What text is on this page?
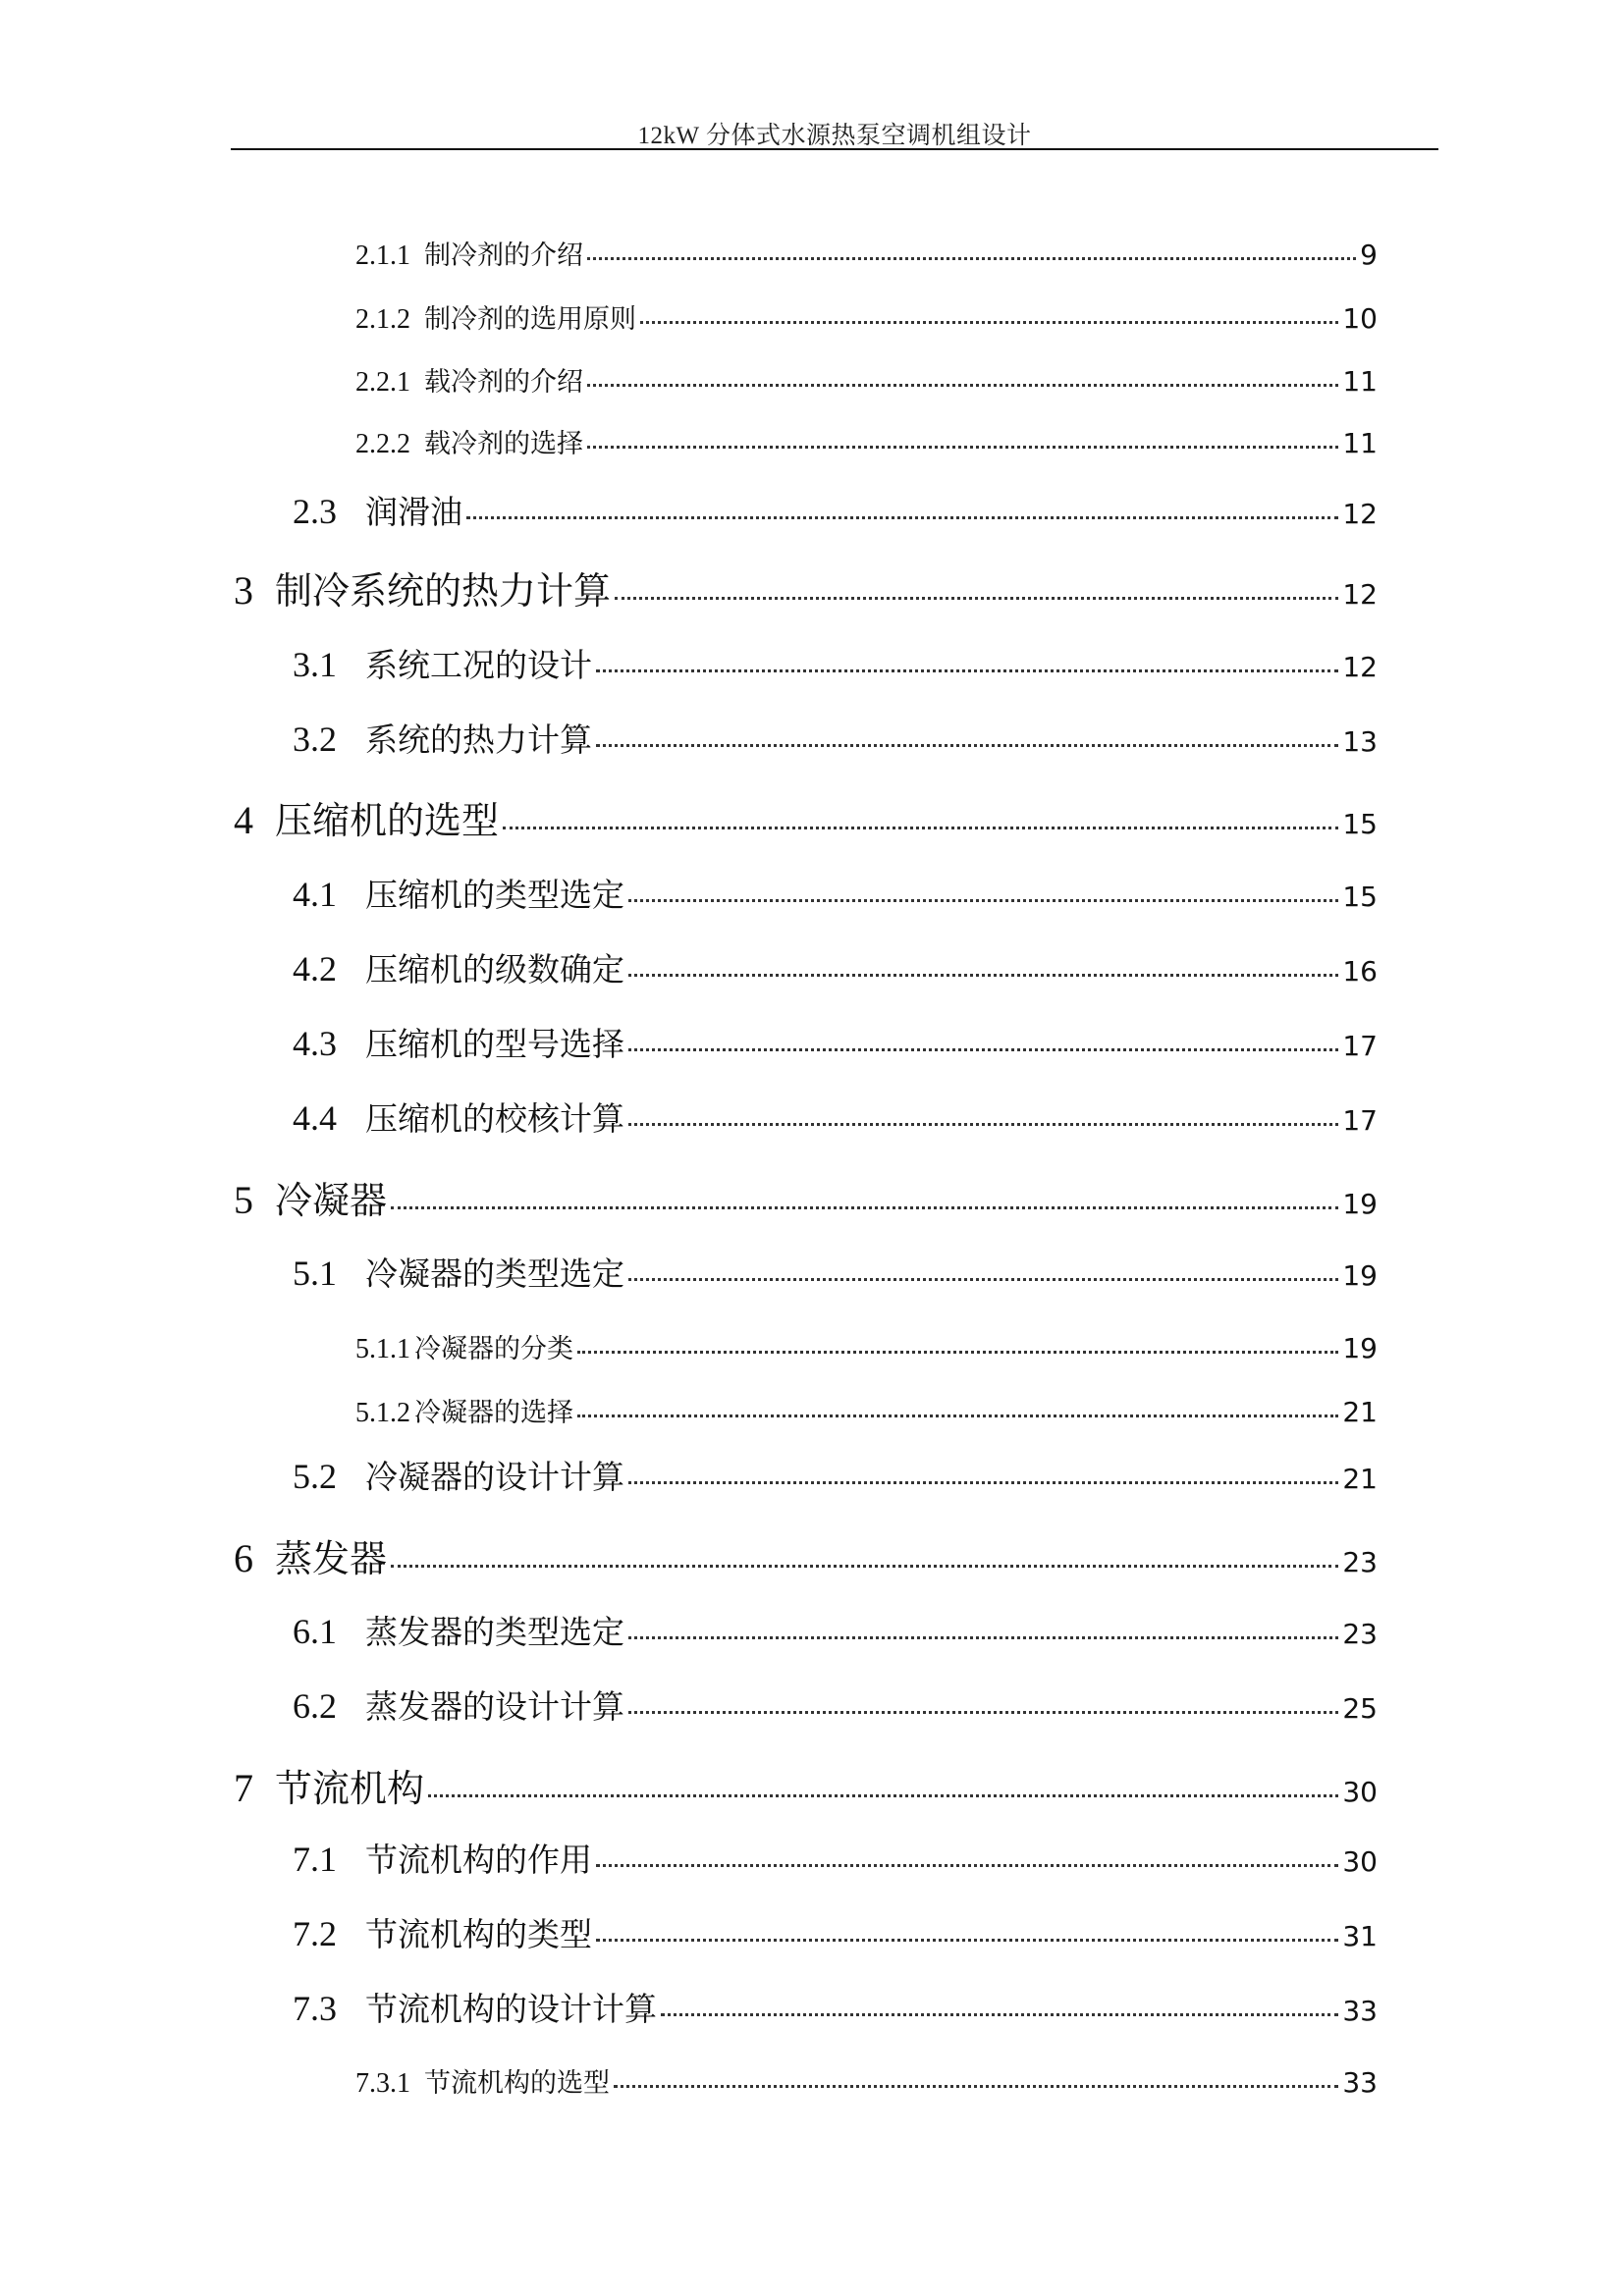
12kW 分体式水源热泵空调机组设计
2.1.1 制冷剂的介绍	9
2.1.2 制冷剂的选用原则	10
2.2.1 载冷剂的介绍	11
2.2.2 载冷剂的选择	11
2.3 润滑油	12
3 制冷系统的热力计算	12
3.1 系统工况的设计	12
3.2 系统的热力计算	13
4 压缩机的选型	15
4.1 压缩机的类型选定	15
4.2 压缩机的级数确定	16
4.3 压缩机的型号选择	17
4.4 压缩机的校核计算	17
5 冷凝器	19
5.1 冷凝器的类型选定	19
5.1.1 冷凝器的分类	19
5.1.2 冷凝器的选择	21
5.2 冷凝器的设计计算	21
6 蒸发器	23
6.1 蒸发器的类型选定	23
6.2 蒸发器的设计计算	25
7 节流机构	30
7.1 节流机构的作用	30
7.2 节流机构的类型	31
7.3 节流机构的设计计算	33
7.3.1 节流机构的选型	33
